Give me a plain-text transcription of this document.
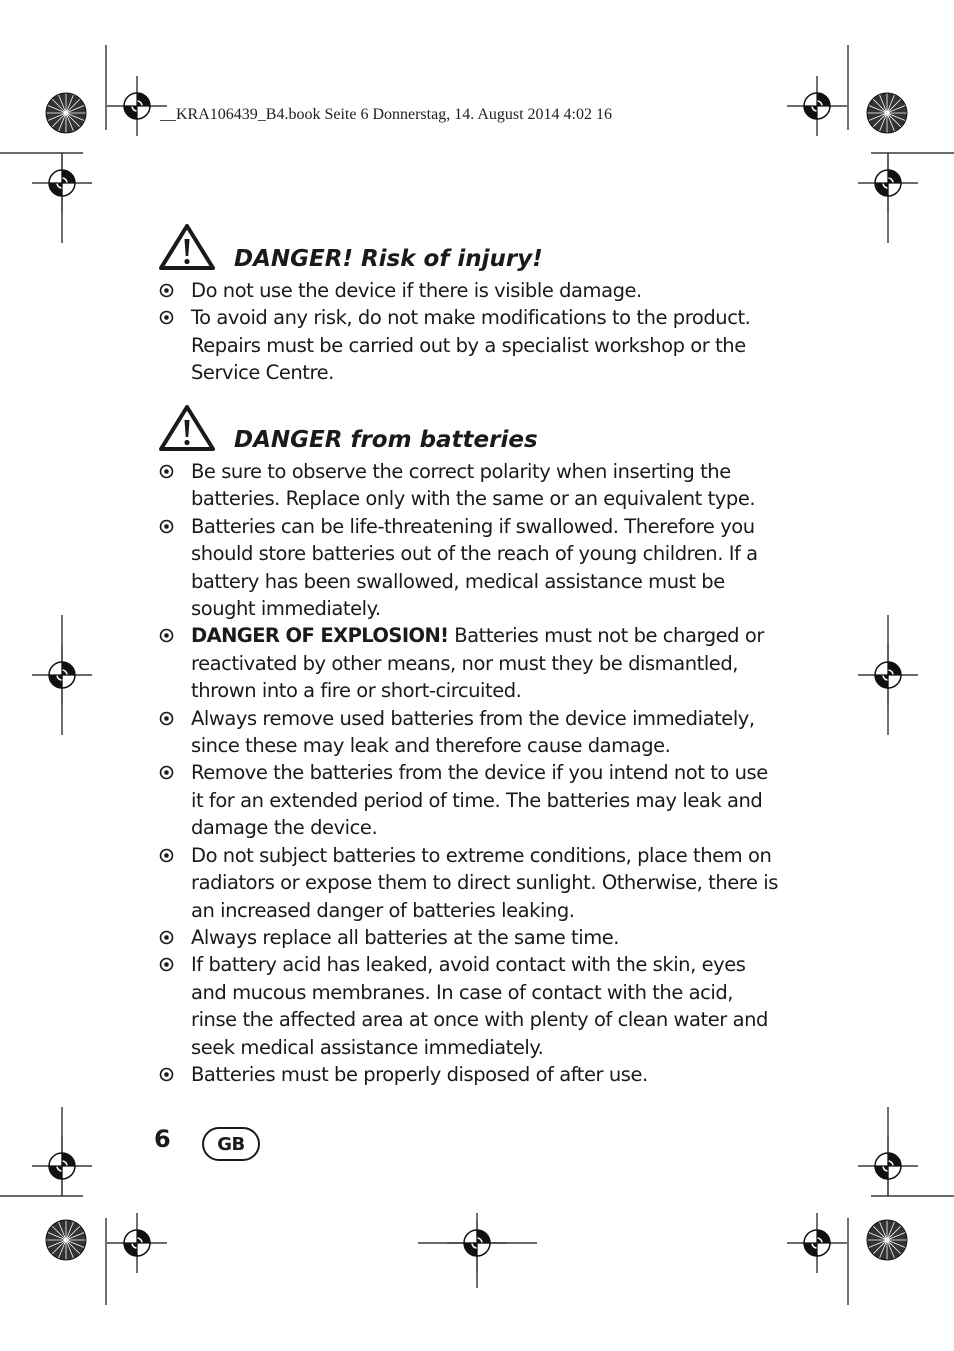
__KRA106439_B4.book Seite 6 Donnerstag, 14. August 2014 4:02 16
DANGER! Risk of injury!
Do not use the device if there is visible damage.
To avoid any risk, do not make modifications to the product. Repairs must be carried out by a specialist workshop or the Service Centre.
DANGER from batteries
Be sure to observe the correct polarity when inserting the batteries. Replace only with the same or an equivalent type.
Batteries can be life-threatening if swallowed. Therefore you should store batteries out of the reach of young children. If a battery has been swallowed, medical assistance must be sought immediately.
DANGER OF EXPLOSION! Batteries must not be charged or reactivated by other means, nor must they be dismantled, thrown into a fire or short-circuited.
Always remove used batteries from the device immediately, since these may leak and therefore cause damage.
Remove the batteries from the device if you intend not to use it for an extended period of time. The batteries may leak and damage the device.
Do not subject batteries to extreme conditions, place them on radiators or expose them to direct sunlight. Otherwise, there is an increased danger of batteries leaking.
Always replace all batteries at the same time.
If battery acid has leaked, avoid contact with the skin, eyes and mucous membranes. In case of contact with the acid, rinse the affected area at once with plenty of clean water and seek medical assistance immediately.
Batteries must be properly disposed of after use.
6	GB
